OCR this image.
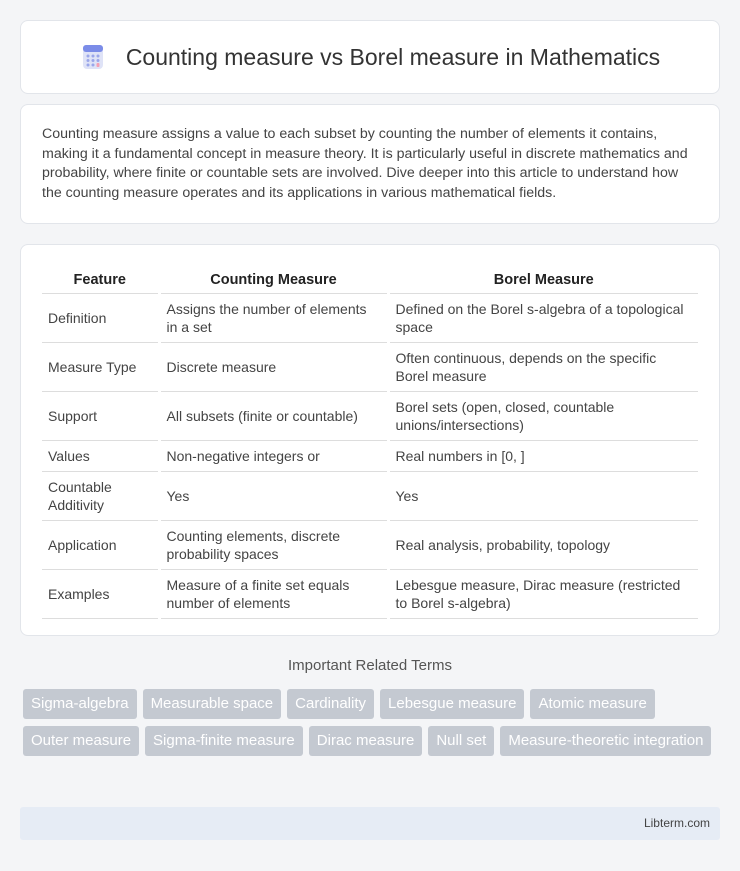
Counting measure vs Borel measure in Mathematics

Counting measure assigns a value to each subset by counting the number of elements it contains, making it a fundamental concept in measure theory. It is particularly useful in discrete mathematics and probability, where finite or countable sets are involved. Dive deeper into this article to understand how the counting measure operates and its applications in various mathematical fields.

Feature	Counting Measure	Borel Measure
Definition	Assigns the number of elements in a set	Defined on the Borel s-algebra of a topological space
Measure Type	Discrete measure	Often continuous, depends on the specific Borel measure
Support	All subsets (finite or countable)	Borel sets (open, closed, countable unions/intersections)
Values	Non-negative integers or	Real numbers in [0, ]
Countable Additivity	Yes	Yes
Application	Counting elements, discrete probability spaces	Real analysis, probability, topology
Examples	Measure of a finite set equals number of elements	Lebesgue measure, Dirac measure (restricted to Borel s-algebra)
Important Related Terms
Sigma-algebra	Measurable space	Cardinality	Lebesgue measure	Atomic measure
Outer measure	Sigma-finite measure	Dirac measure	Null set	Measure-theoretic integration
Libterm.com
